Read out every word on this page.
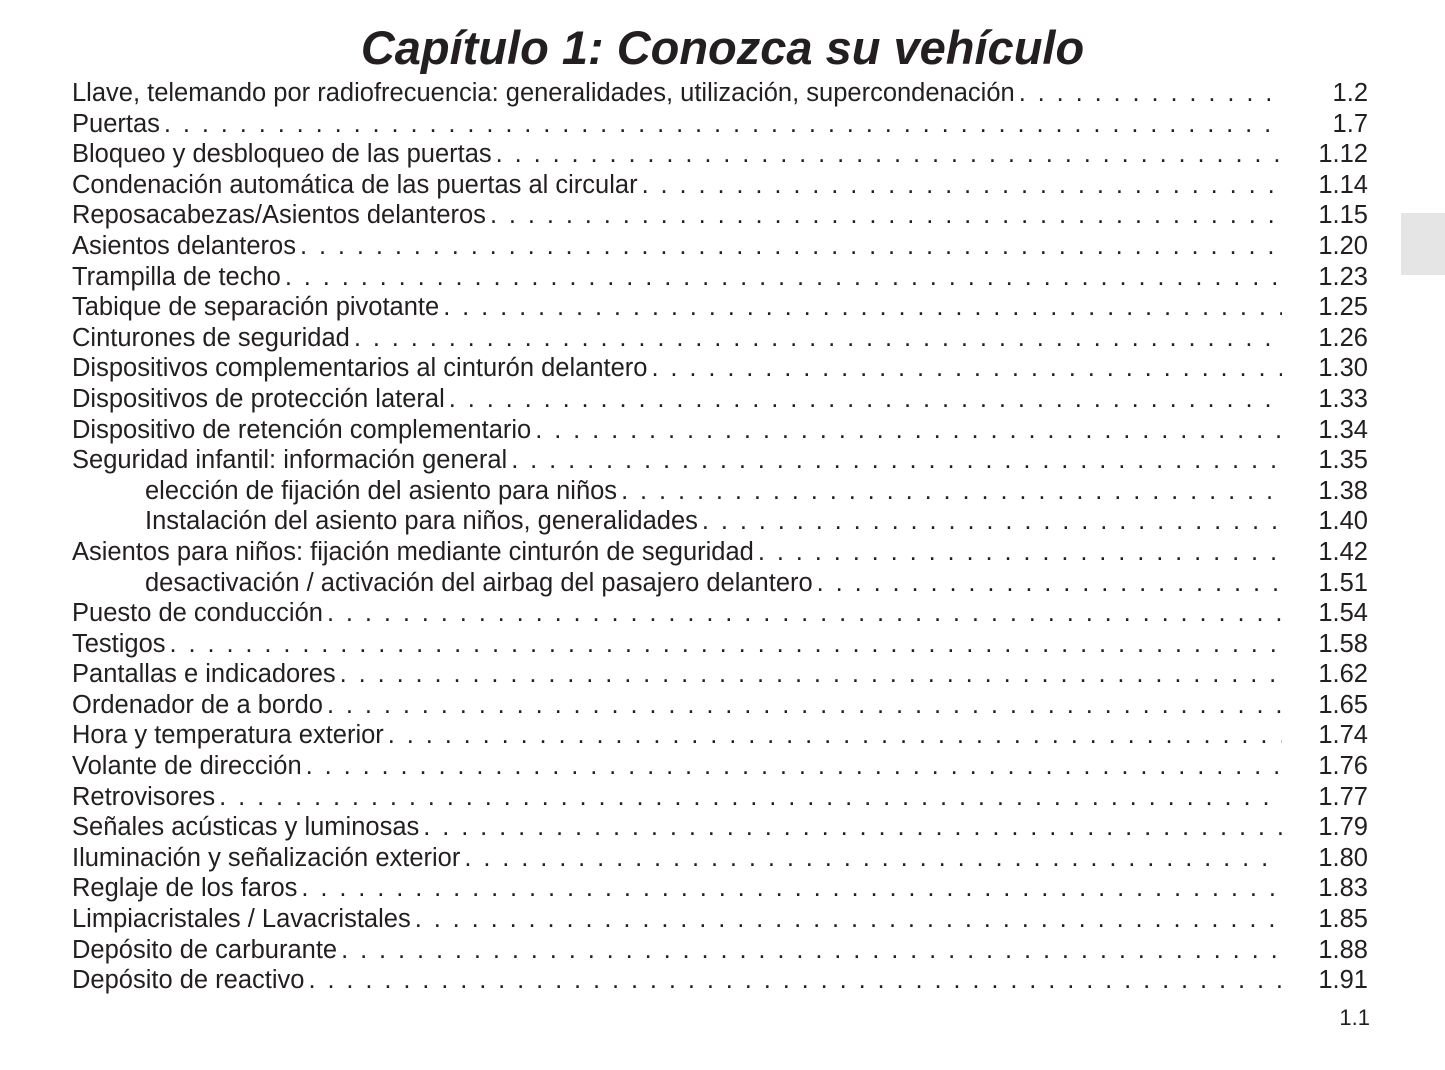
Capítulo 1: Conozca su vehículo
Llave, telemando por radiofrecuencia: generalidades, utilización, supercondenación . . .	1.2
Puertas . . .	1.7
Bloqueo y desbloqueo de las puertas . . .	1.12
Condenación automática de las puertas al circular . . .	1.14
Reposacabezas/Asientos delanteros . . .	1.15
Asientos delanteros . . .	1.20
Trampilla de techo . . .	1.23
Tabique de separación pivotante . . .	1.25
Cinturones de seguridad . . .	1.26
Dispositivos complementarios al cinturón delantero . . .	1.30
Dispositivos de protección lateral . . .	1.33
Dispositivo de retención complementario . . .	1.34
Seguridad infantil: información general . . .	1.35
elección de fijación del asiento para niños . . .	1.38
Instalación del asiento para niños, generalidades . . .	1.40
Asientos para niños: fijación mediante cinturón de seguridad . . .	1.42
desactivación / activación del airbag del pasajero delantero . . .	1.51
Puesto de conducción . . .	1.54
Testigos . . .	1.58
Pantallas e indicadores . . .	1.62
Ordenador de a bordo . . .	1.65
Hora y temperatura exterior . . .	1.74
Volante de dirección . . .	1.76
Retrovisores . . .	1.77
Señales acústicas y luminosas . . .	1.79
Iluminación y señalización exterior . . .	1.80
Reglaje de los faros . . .	1.83
Limpiacristales / Lavacristales . . .	1.85
Depósito de carburante . . .	1.88
Depósito de reactivo . . .	1.91
1.1
